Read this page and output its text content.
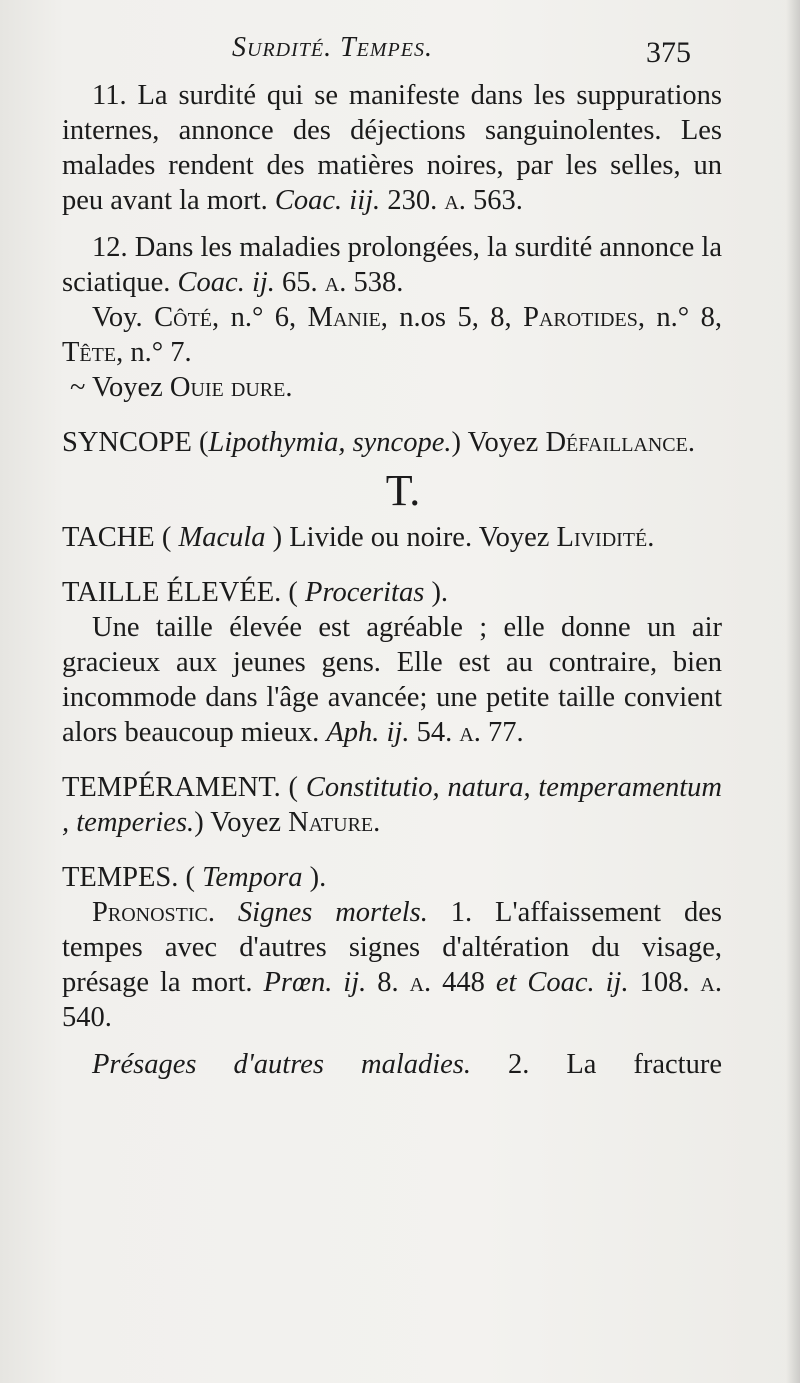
Surdité. Tempes.	375

11. La surdité qui se manifeste dans les suppurations internes, annonce des déjections sanguinolentes. Les malades rendent des matières noires, par les selles, un peu avant la mort. Coac. iij. 230. a. 563.

12. Dans les maladies prolongées, la surdité annonce la sciatique. Coac. ij. 65. a. 538.

Voy. Côté, n.° 6, Manie, n.os 5, 8, Parotides, n.° 8, Tête, n.° 7.

~ Voyez Ouie dure.

SYNCOPE (Lipothymia, syncope.) Voyez Défaillance.

T.

TACHE ( Macula ) Livide ou noire. Voyez Lividité.

TAILLE ÉLEVÉE. ( Proceritas ).

Une taille élevée est agréable ; elle donne un air gracieux aux jeunes gens. Elle est au contraire, bien incommode dans l'âge avancée; une petite taille convient alors beaucoup mieux. Aph. ij. 54. a. 77.

TEMPÉRAMENT. ( Constitutio, natura, temperamentum , temperies.) Voyez Nature.

TEMPES. ( Tempora ).

Pronostic. Signes mortels. 1. L'affaissement des tempes avec d'autres signes d'altération du visage, présage la mort. Prœn. ij. 8. a. 448 et Coac. ij. 108. a. 540.

Présages d'autres maladies. 2. La fracture
